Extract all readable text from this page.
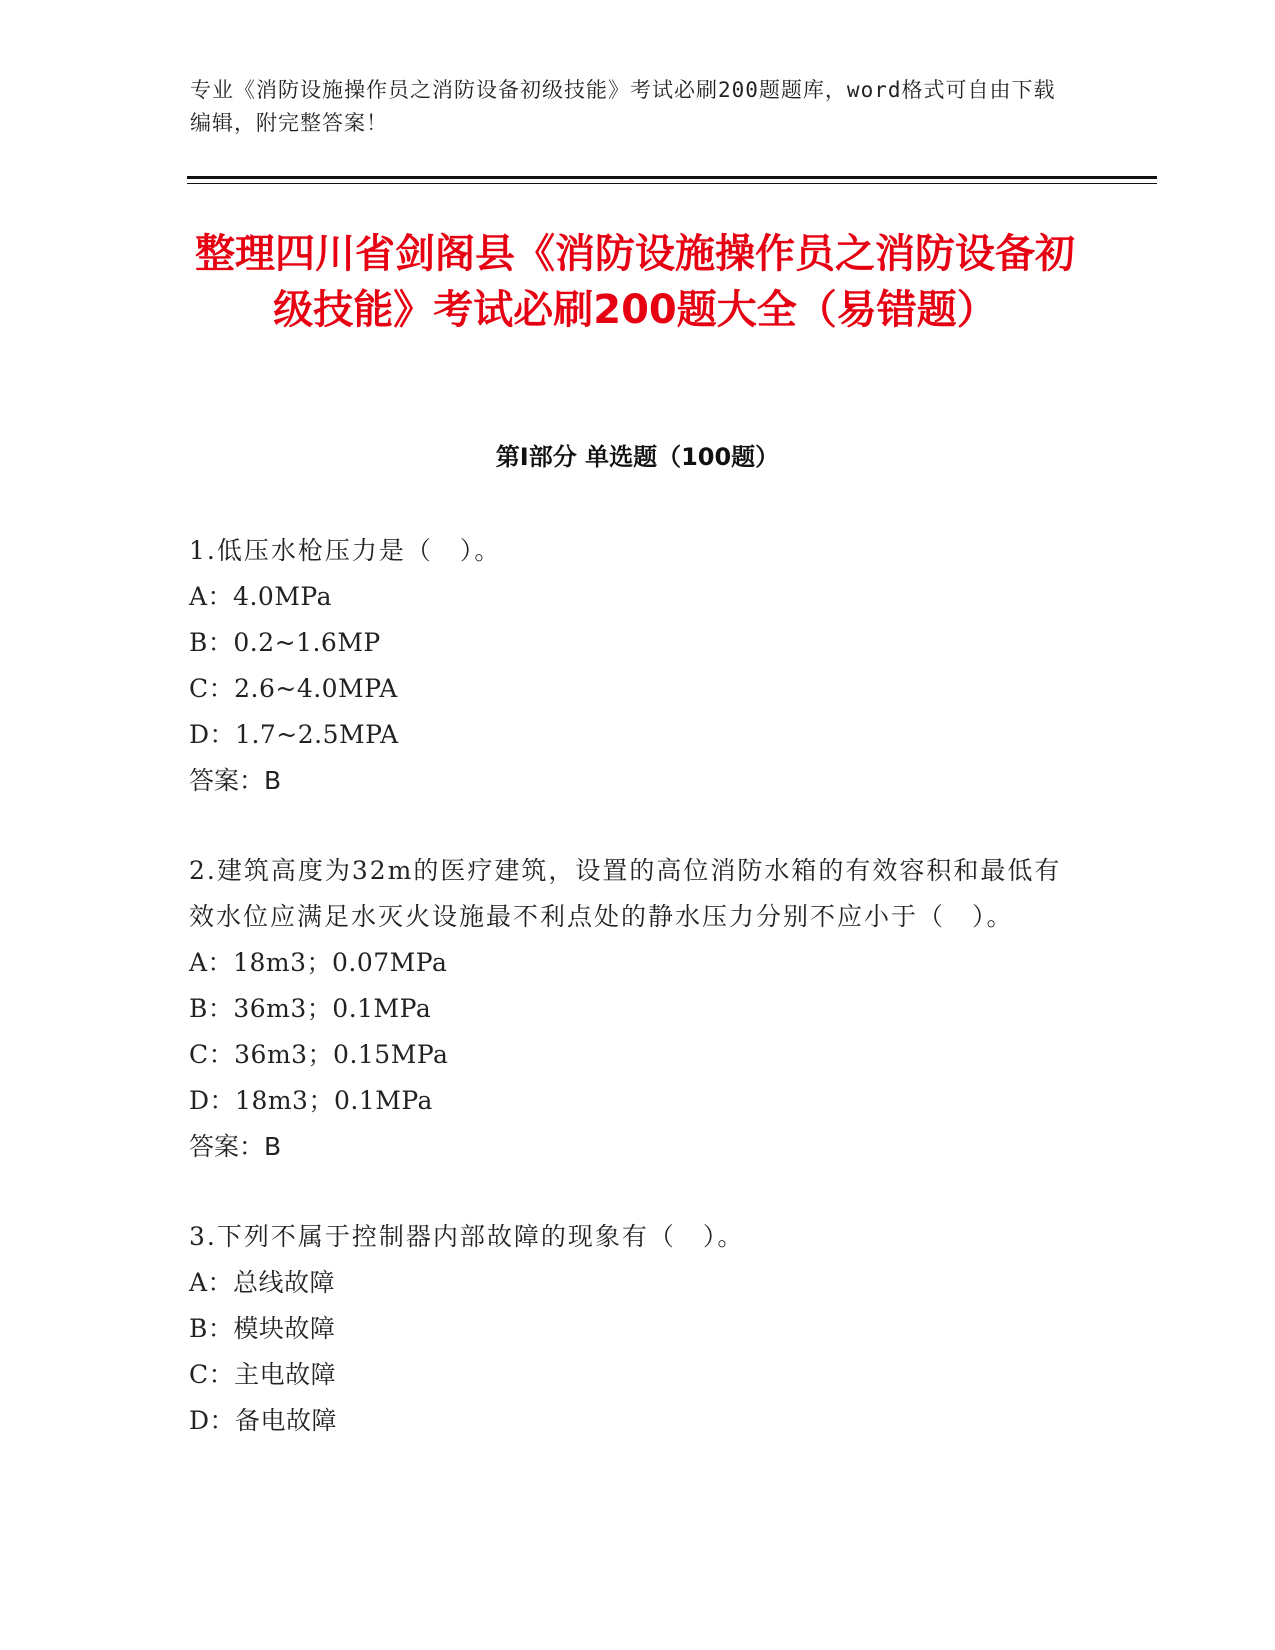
专业《消防设施操作员之消防设备初级技能》考试必刷200题题库，word格式可自由下载编辑，附完整答案！
整理四川省剑阁县《消防设施操作员之消防设备初级技能》考试必刷200题大全（易错题）
第Ⅰ部分 单选题（100题）
1.低压水枪压力是（　）。
A：4.0MPa
B：0.2~1.6MP
C：2.6~4.0MPA
D：1.7~2.5MPA
答案：B
2.建筑高度为32m的医疗建筑，设置的高位消防水箱的有效容积和最低有效水位应满足水灭火设施最不利点处的静水压力分别不应小于（　）。
A：18m3；0.07MPa
B：36m3；0.1MPa
C：36m3；0.15MPa
D：18m3；0.1MPa
答案：B
3.下列不属于控制器内部故障的现象有（　）。
A：总线故障
B：模块故障
C：主电故障
D：备电故障
